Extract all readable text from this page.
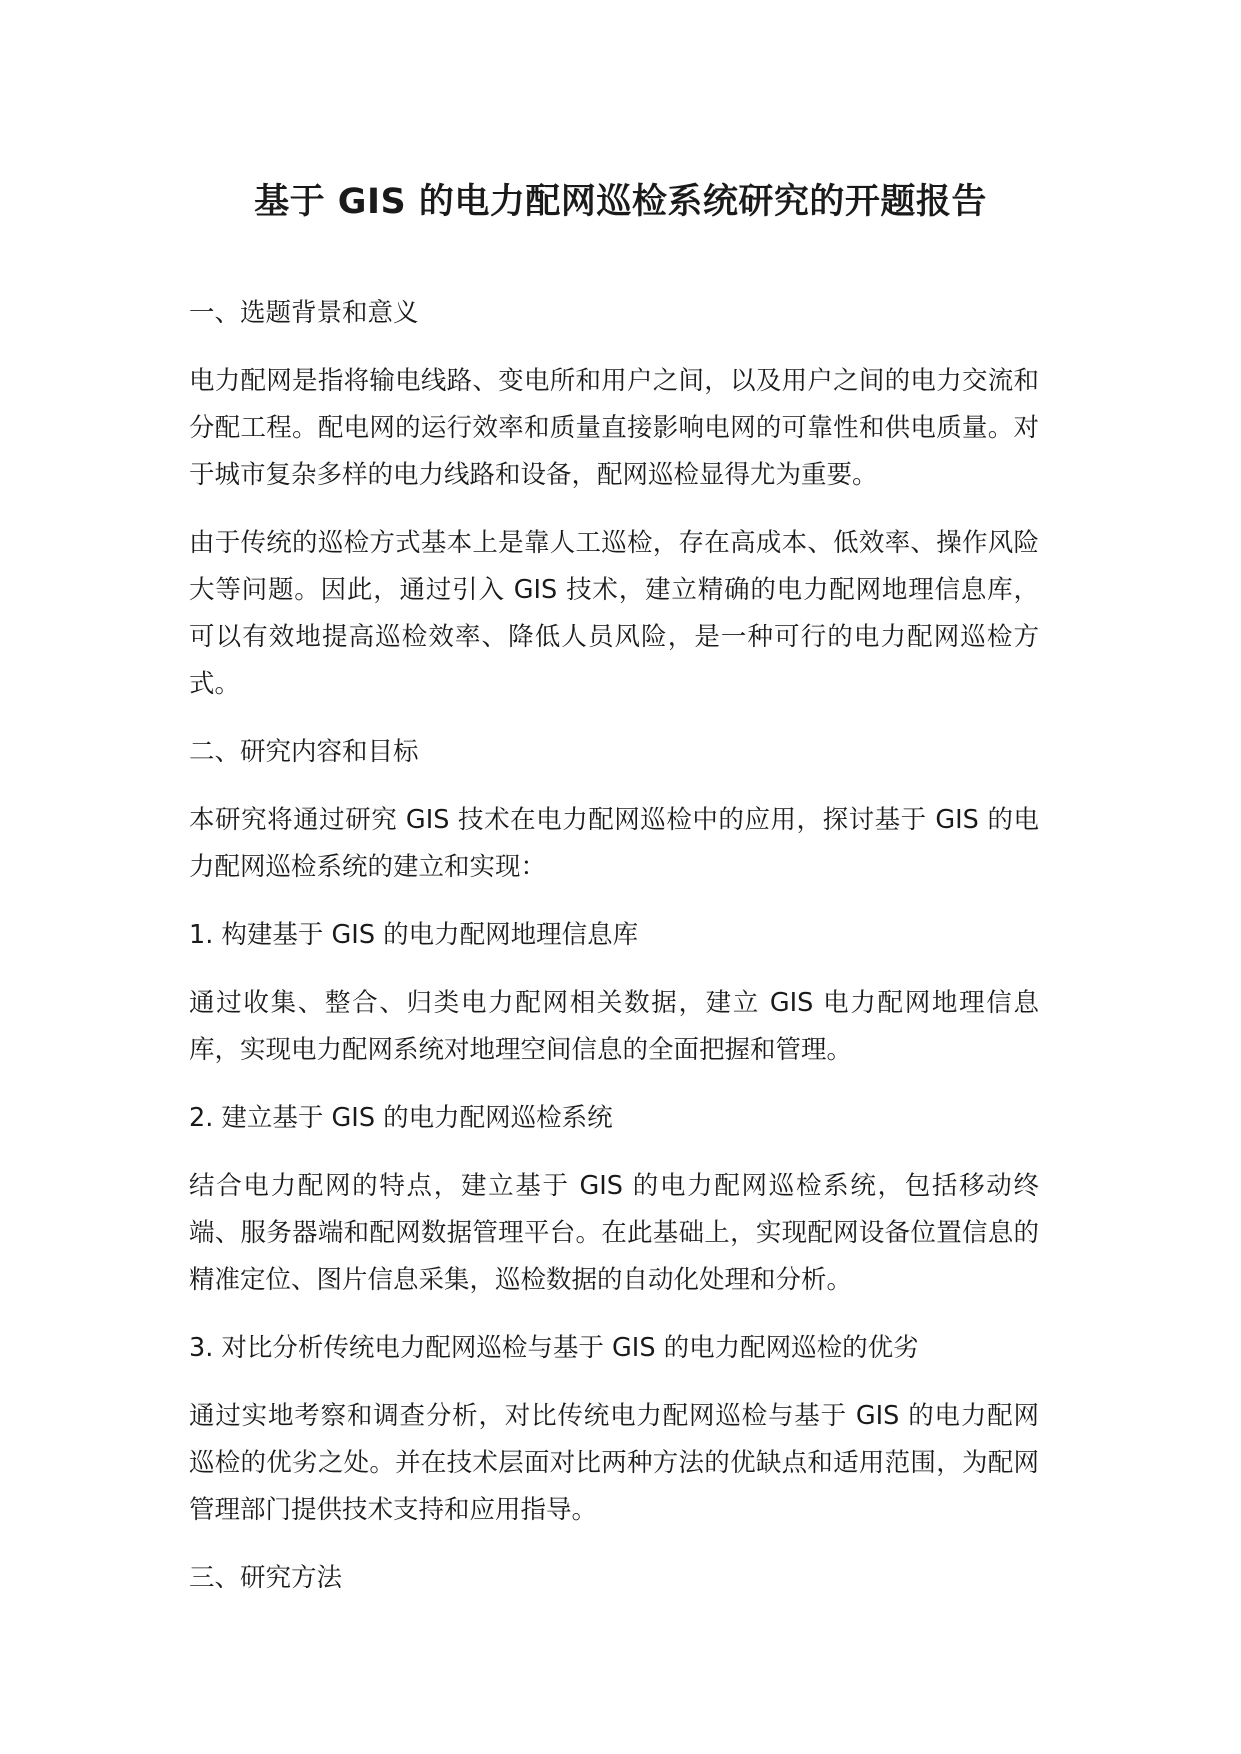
基于 GIS 的电力配网巡检系统研究的开题报告
一、选题背景和意义
电力配网是指将输电线路、变电所和用户之间，以及用户之间的电力交流和分配工程。配电网的运行效率和质量直接影响电网的可靠性和供电质量。对于城市复杂多样的电力线路和设备，配网巡检显得尤为重要。
由于传统的巡检方式基本上是靠人工巡检，存在高成本、低效率、操作风险大等问题。因此，通过引入 GIS 技术，建立精确的电力配网地理信息库，可以有效地提高巡检效率、降低人员风险，是一种可行的电力配网巡检方式。
二、研究内容和目标
本研究将通过研究 GIS 技术在电力配网巡检中的应用，探讨基于 GIS 的电力配网巡检系统的建立和实现：
1. 构建基于 GIS 的电力配网地理信息库
通过收集、整合、归类电力配网相关数据，建立 GIS 电力配网地理信息库，实现电力配网系统对地理空间信息的全面把握和管理。
2. 建立基于 GIS 的电力配网巡检系统
结合电力配网的特点，建立基于 GIS 的电力配网巡检系统，包括移动终端、服务器端和配网数据管理平台。在此基础上，实现配网设备位置信息的精准定位、图片信息采集，巡检数据的自动化处理和分析。
3. 对比分析传统电力配网巡检与基于 GIS 的电力配网巡检的优劣
通过实地考察和调查分析，对比传统电力配网巡检与基于 GIS 的电力配网巡检的优劣之处。并在技术层面对比两种方法的优缺点和适用范围，为配网管理部门提供技术支持和应用指导。
三、研究方法
